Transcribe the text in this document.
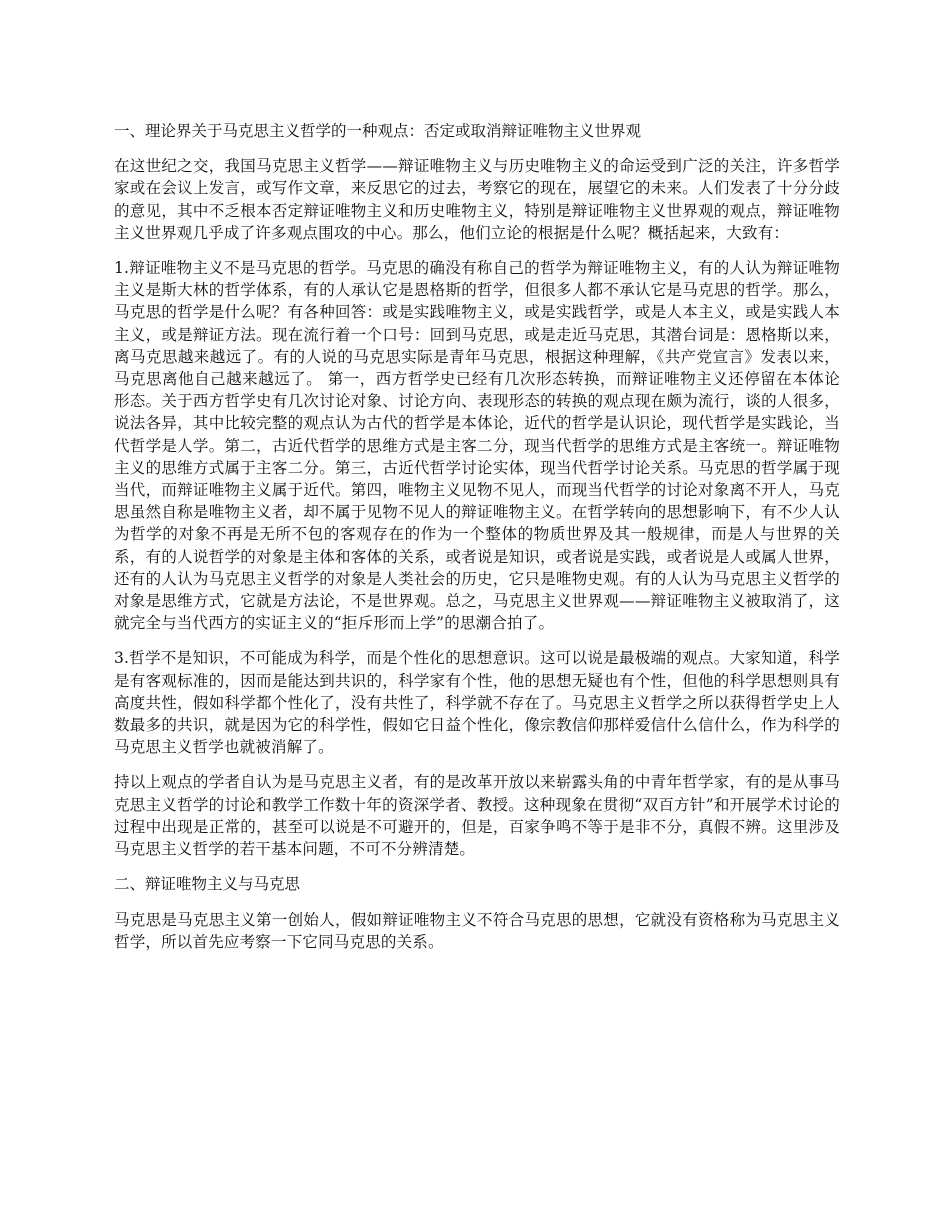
一、理论界关于马克思主义哲学的一种观点：否定或取消辩证唯物主义世界观

在这世纪之交，我国马克思主义哲学——辩证唯物主义与历史唯物主义的命运受到广泛的关注，许多哲学家或在会议上发言，或写作文章，来反思它的过去，考察它的现在，展望它的未来。人们发表了十分分歧的意见，其中不乏根本否定辩证唯物主义和历史唯物主义，特别是辩证唯物主义世界观的观点，辩证唯物主义世界观几乎成了许多观点围攻的中心。那么，他们立论的根据是什么呢？概括起来，大致有：

1.辩证唯物主义不是马克思的哲学。马克思的确没有称自己的哲学为辩证唯物主义，有的人认为辩证唯物主义是斯大林的哲学体系，有的人承认它是恩格斯的哲学，但很多人都不承认它是马克思的哲学。那么，马克思的哲学是什么呢？有各种回答：或是实践唯物主义，或是实践哲学，或是人本主义，或是实践人本主义，或是辩证方法。现在流行着一个口号：回到马克思，或是走近马克思，其潜台词是：恩格斯以来，离马克思越来越远了。有的人说的马克思实际是青年马克思，根据这种理解，《共产党宣言》发表以来，马克思离他自己越来越远了。 第一，西方哲学史已经有几次形态转换，而辩证唯物主义还停留在本体论形态。关于西方哲学史有几次讨论对象、讨论方向、表现形态的转换的观点现在颇为流行，谈的人很多，说法各异，其中比较完整的观点认为古代的哲学是本体论，近代的哲学是认识论，现代哲学是实践论，当代哲学是人学。第二，古近代哲学的思维方式是主客二分，现当代哲学的思维方式是主客统一。辩证唯物主义的思维方式属于主客二分。第三，古近代哲学讨论实体，现当代哲学讨论关系。马克思的哲学属于现当代，而辩证唯物主义属于近代。第四，唯物主义见物不见人，而现当代哲学的讨论对象离不开人，马克思虽然自称是唯物主义者，却不属于见物不见人的辩证唯物主义。在哲学转向的思想影响下，有不少人认为哲学的对象不再是无所不包的客观存在的作为一个整体的物质世界及其一般规律，而是人与世界的关系，有的人说哲学的对象是主体和客体的关系，或者说是知识，或者说是实践，或者说是人或属人世界，还有的人认为马克思主义哲学的对象是人类社会的历史，它只是唯物史观。有的人认为马克思主义哲学的对象是思维方式，它就是方法论，不是世界观。总之，马克思主义世界观——辩证唯物主义被取消了，这就完全与当代西方的实证主义的“拒斥形而上学”的思潮合拍了。

3.哲学不是知识，不可能成为科学，而是个性化的思想意识。这可以说是最极端的观点。大家知道，科学是有客观标准的，因而是能达到共识的，科学家有个性，他的思想无疑也有个性，但他的科学思想则具有高度共性，假如科学都个性化了，没有共性了，科学就不存在了。马克思主义哲学之所以获得哲学史上人数最多的共识，就是因为它的科学性，假如它日益个性化，像宗教信仰那样爱信什么信什么，作为科学的马克思主义哲学也就被消解了。

持以上观点的学者自认为是马克思主义者，有的是改革开放以来崭露头角的中青年哲学家，有的是从事马克思主义哲学的讨论和教学工作数十年的资深学者、教授。这种现象在贯彻“双百方针”和开展学术讨论的过程中出现是正常的，甚至可以说是不可避开的，但是，百家争鸣不等于是非不分，真假不辨。这里涉及马克思主义哲学的若干基本问题，不可不分辨清楚。

二、辩证唯物主义与马克思

马克思是马克思主义第一创始人，假如辩证唯物主义不符合马克思的思想，它就没有资格称为马克思主义哲学，所以首先应考察一下它同马克思的关系。
